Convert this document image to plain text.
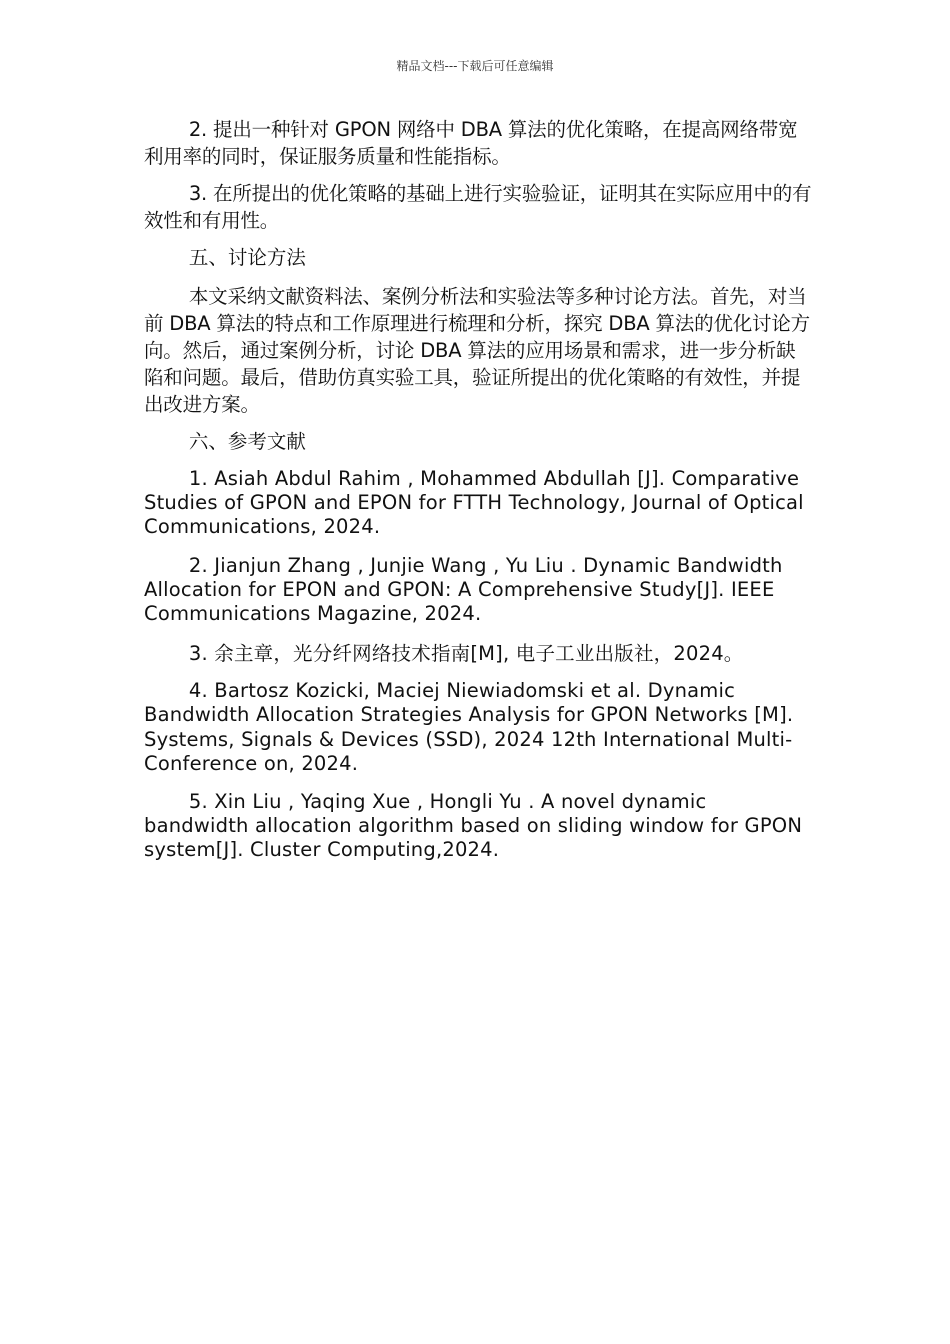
精品文档---下载后可任意编辑

2. 提出一种针对 GPON 网络中 DBA 算法的优化策略，在提高网络带宽利用率的同时，保证服务质量和性能指标。

3. 在所提出的优化策略的基础上进行实验验证，证明其在实际应用中的有效性和有用性。

五、讨论方法

本文采纳文献资料法、案例分析法和实验法等多种讨论方法。首先，对当前 DBA 算法的特点和工作原理进行梳理和分析，探究 DBA 算法的优化讨论方向。然后，通过案例分析，讨论 DBA 算法的应用场景和需求，进一步分析缺陷和问题。最后，借助仿真实验工具，验证所提出的优化策略的有效性，并提出改进方案。

六、参考文献

1. Asiah Abdul Rahim , Mohammed Abdullah [J]. Comparative Studies of GPON and EPON for FTTH Technology, Journal of Optical Communications, 2024.

2. Jianjun Zhang , Junjie Wang , Yu Liu . Dynamic Bandwidth Allocation for EPON and GPON: A Comprehensive Study[J]. IEEE Communications Magazine, 2024.

3. 余主章，光分纤网络技术指南[M], 电子工业出版社，2024。

4. Bartosz Kozicki, Maciej Niewiadomski et al. Dynamic Bandwidth Allocation Strategies Analysis for GPON Networks [M]. Systems, Signals & Devices (SSD), 2024 12th International Multi-Conference on, 2024.

5. Xin Liu , Yaqing Xue , Hongli Yu . A novel dynamic bandwidth allocation algorithm based on sliding window for GPON system[J]. Cluster Computing,2024.
